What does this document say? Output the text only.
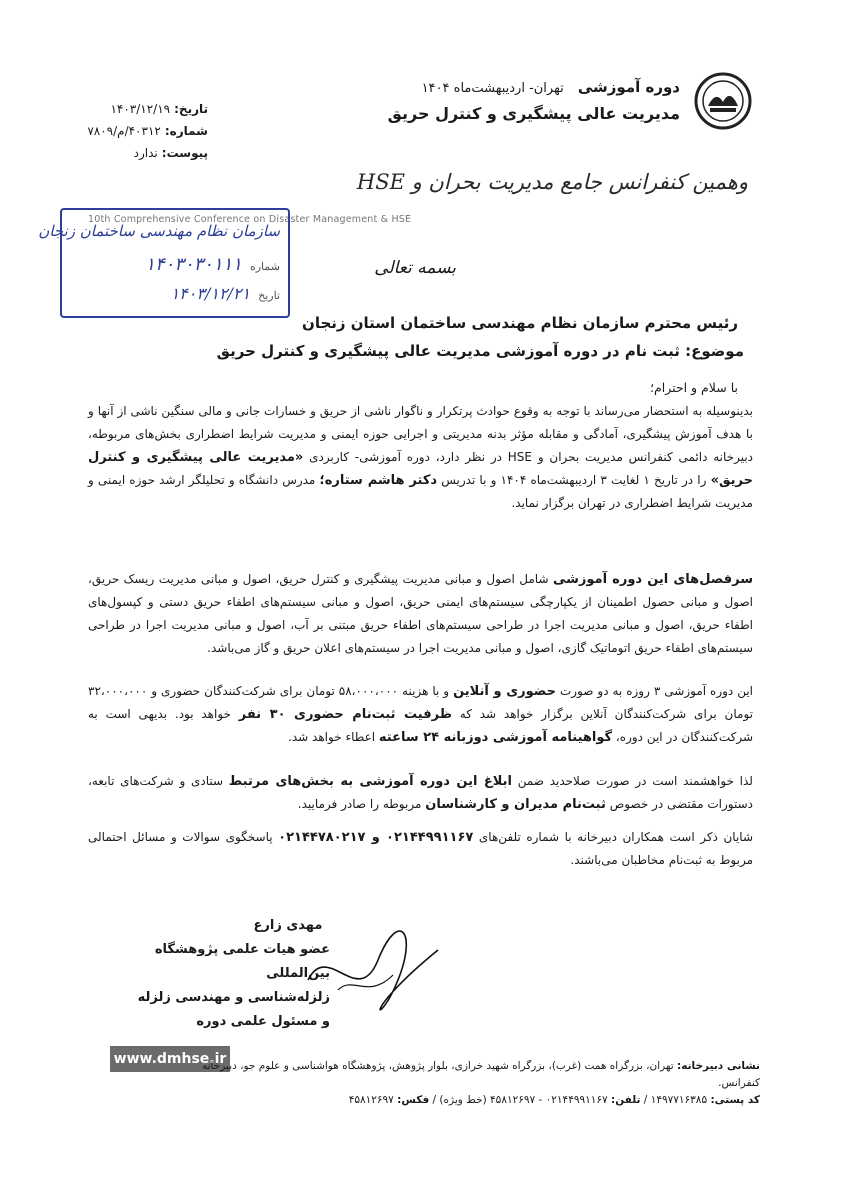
دوره آموزشی تهران- اردیبهشت‌ماه ۱۴۰۴
مدیریت عالی پیشگیری و کنترل حریق
و‌همین کنفرانس جامع مدیریت بحران و HSE
10th Comprehensive Conference on Disaster Management & HSE
بسمه تعالی
تاریخ:۱۴۰۳/۱۲/۱۹
شماره:۴۰۳۱۲/م/۷۸۰۹
پیوست:ندارد
سازمان نظام مهندسی ساختمان زنجان
شماره۱۴۰۳۰۳۰۱۱۱
تاریخ۱۴۰۳/۱۲/۲۱
رئیس محترم سازمان نظام مهندسی ساختمان استان زنجان
موضوع: ثبت نام در دوره آموزشی مدیریت عالی پیشگیری و کنترل حریق
با سلام و احترام؛
بدینوسیله به استحضار می‌رساند با توجه به وقوع حوادث پرتکرار و ناگوار ناشی از حریق و خسارات جانی و مالی سنگین ناشی از آنها و با هدف آموزش پیشگیری، آمادگی و مقابله مؤثر بدنه مدیریتی و اجرایی حوزه ایمنی و مدیریت شرایط اضطراری بخش‌های مربوطه، دبیرخانه دائمی کنفرانس مدیریت بحران و HSE در نظر دارد، دوره آموزشی- کاربردی «مدیریت عالی پیشگیری و کنترل حریق» را در تاریخ ۱ لغایت ۳ اردیبهشت‌ماه ۱۴۰۴ و با تدریس دکتر هاشم ستاره؛ مدرس دانشگاه و تحلیلگر ارشد حوزه ایمنی و مدیریت شرایط اضطراری در تهران برگزار نماید.
سرفصل‌های این دوره آموزشی شامل اصول و مبانی مدیریت پیشگیری و کنترل حریق، اصول و مبانی مدیریت ریسک حریق، اصول و مبانی حصول اطمینان از یکپارچگی سیستم‌های ایمنی حریق، اصول و مبانی سیستم‌های اطفاء حریق دستی و کپسول‌های اطفاء حریق، اصول و مبانی مدیریت اجرا در طراحی سیستم‌های اطفاء حریق مبتنی بر آب، اصول و مبانی مدیریت اجرا در طراحی سیستم‌های اطفاء حریق اتوماتیک گازی، اصول و مبانی مدیریت اجرا در سیستم‌های اعلان حریق و گاز می‌باشد.
این دوره آموزشی ۳ روزه به دو صورت حضوری و آنلاین و با هزینه ۵۸،۰۰۰،۰۰۰ تومان برای شرکت‌کنندگان حضوری و ۳۲،۰۰۰،۰۰۰ تومان برای شرکت‌کنندگان آنلاین برگزار خواهد شد که ظرفیت ثبت‌نام حضوری ۳۰ نفر خواهد بود. بدیهی است به شرکت‌کنندگان در این دوره، گواهینامه آموزشی دوزبانه ۲۴ ساعته اعطاء خواهد شد.
لذا خواهشمند است در صورت صلاحدید ضمن ابلاغ این دوره آموزشی به بخش‌های مرتبط ستادی و شرکت‌های تابعه، دستورات مقتضی در خصوص ثبت‌نام مدیران و کارشناسان مربوطه را صادر فرمایید.
شایان ذکر است همکاران دبیرخانه با شماره تلفن‌های ۰۲۱۴۴۹۹۱۱۶۷ و ۰۲۱۴۴۷۸۰۲۱۷ پاسخگوی سوالات و مسائل احتمالی مربوط به ثبت‌نام مخاطبان می‌باشند.
مهدی زارع
عضو هیات علمی پژوهشگاه بین‌المللی
زلزله‌شناسی و مهندسی زلزله
و مسئول علمی دوره
www.dmhse.ir	نشانی دبیرخانه: تهران، بزرگراه همت (غرب)، بزرگراه شهید خرازی، بلوار پژوهش، پژوهشگاه هواشناسی و علوم جو، دبیرخانه کنفرانس.
کد پستی: ۱۴۹۷۷۱۶۳۸۵ / تلفن: ۰۲۱۴۴۹۹۱۱۶۷ - ۴۵۸۱۲۶۹۷ (خط ویژه) / فکس: ۴۵۸۱۲۶۹۷
